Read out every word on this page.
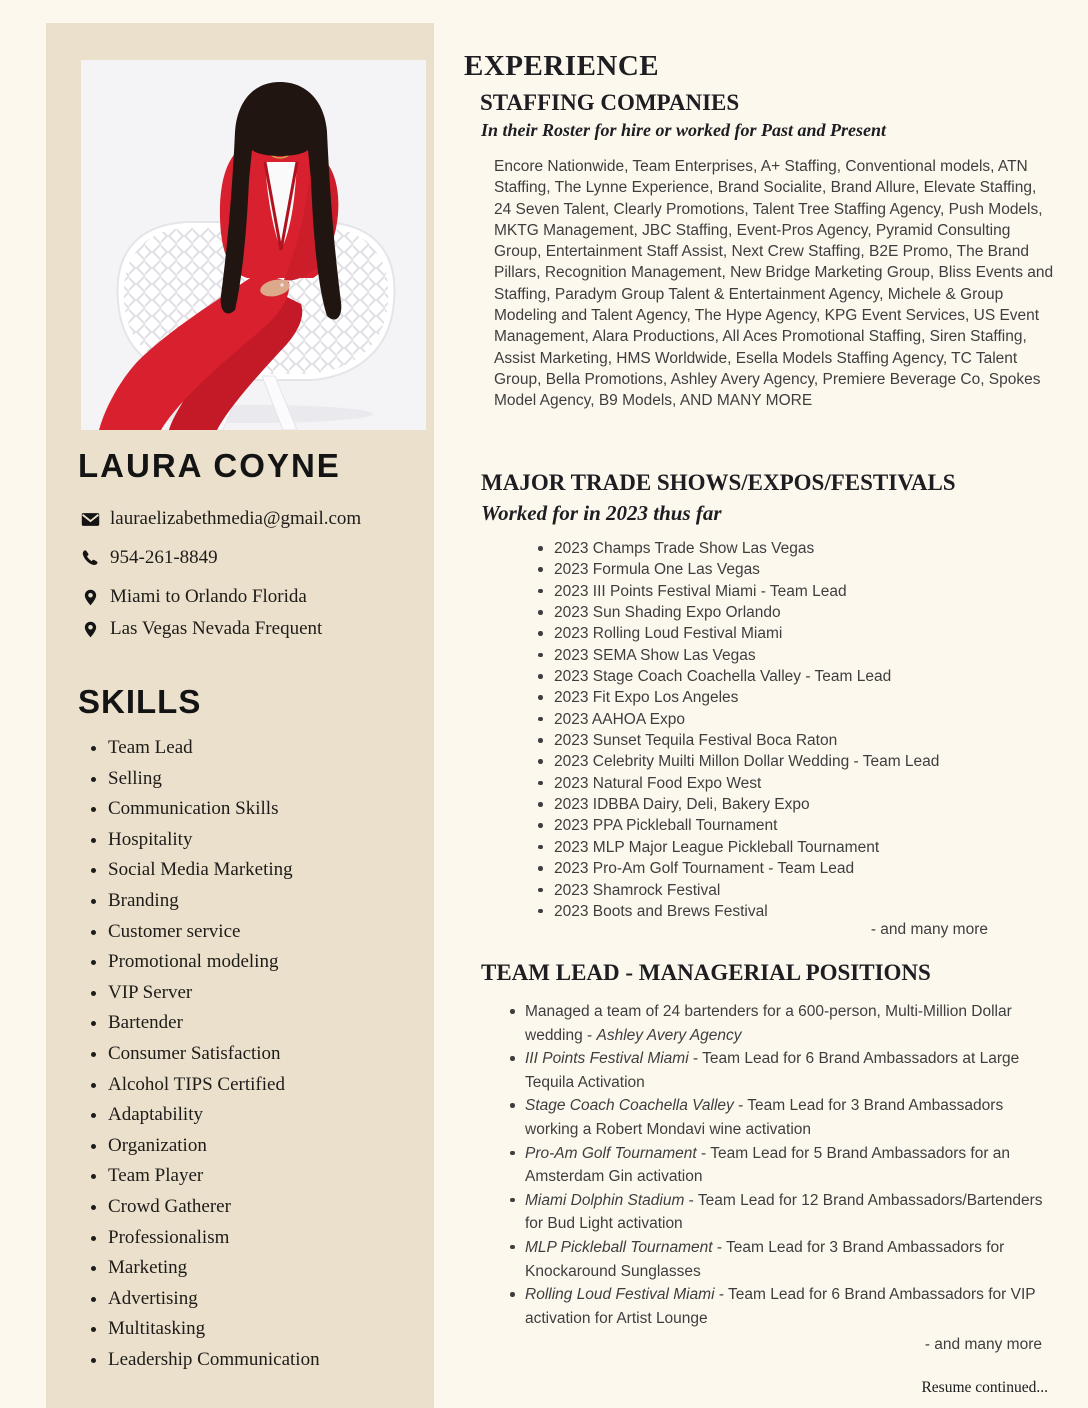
LAURA COYNE
lauraelizabethmedia@gmail.com
954-261-8849
Miami to Orlando Florida
Las Vegas Nevada Frequent
SKILLS
Team Lead
Selling
Communication Skills
Hospitality
Social Media Marketing
Branding
Customer service
Promotional modeling
VIP Server
Bartender
Consumer Satisfaction
Alcohol TIPS Certified
Adaptability
Organization
Team Player
Crowd Gatherer
Professionalism
Marketing
Advertising
Multitasking
Leadership Communication
EXPERIENCE
STAFFING COMPANIES
In their Roster for hire or worked for Past and Present
Encore Nationwide, Team Enterprises, A+ Staffing, Conventional models, ATN Staffing, The Lynne Experience, Brand Socialite, Brand Allure, Elevate Staffing, 24 Seven Talent, Clearly Promotions, Talent Tree Staffing Agency, Push Models, MKTG Management, JBC Staffing, Event-Pros Agency, Pyramid Consulting Group, Entertainment Staff Assist, Next Crew Staffing, B2E Promo, The Brand Pillars, Recognition Management, New Bridge Marketing Group, Bliss Events and Staffing, Paradym Group Talent & Entertainment Agency, Michele & Group Modeling and Talent Agency, The Hype Agency, KPG Event Services, US Event Management, Alara Productions, All Aces Promotional Staffing, Siren Staffing, Assist Marketing, HMS Worldwide, Esella Models Staffing Agency, TC Talent Group, Bella Promotions, Ashley Avery Agency, Premiere Beverage Co, Spokes Model Agency, B9 Models, AND MANY MORE
MAJOR TRADE SHOWS/EXPOS/FESTIVALS
Worked for in 2023 thus far
2023 Champs Trade Show Las Vegas
2023 Formula One Las Vegas
2023 III Points Festival Miami - Team Lead
2023 Sun Shading Expo Orlando
2023 Rolling Loud Festival Miami
2023 SEMA Show Las Vegas
2023 Stage Coach Coachella Valley - Team Lead
2023 Fit Expo Los Angeles
2023 AAHOA Expo
2023 Sunset Tequila Festival Boca Raton
2023 Celebrity Muilti Millon Dollar Wedding - Team Lead
2023 Natural Food Expo West
2023 IDBBA Dairy, Deli, Bakery Expo
2023 PPA Pickleball Tournament
2023 MLP Major League Pickleball Tournament
2023 Pro-Am Golf Tournament - Team Lead
2023 Shamrock Festival
2023 Boots and Brews Festival
- and many more
TEAM LEAD - MANAGERIAL POSITIONS
Managed a team of 24 bartenders for a 600-person, Multi-Million Dollar wedding - Ashley Avery Agency
III Points Festival Miami - Team Lead for 6 Brand Ambassadors at Large Tequila Activation
Stage Coach Coachella Valley - Team Lead for 3 Brand Ambassadors working a Robert Mondavi wine activation
Pro-Am Golf Tournament - Team Lead for 5 Brand Ambassadors for an Amsterdam Gin activation
Miami Dolphin Stadium - Team Lead for 12 Brand Ambassadors/Bartenders for Bud Light activation
MLP Pickleball Tournament - Team Lead for 3 Brand Ambassadors for Knockaround Sunglasses
Rolling Loud Festival Miami - Team Lead for 6 Brand Ambassadors for VIP activation for Artist Lounge
- and many more
Resume continued...
